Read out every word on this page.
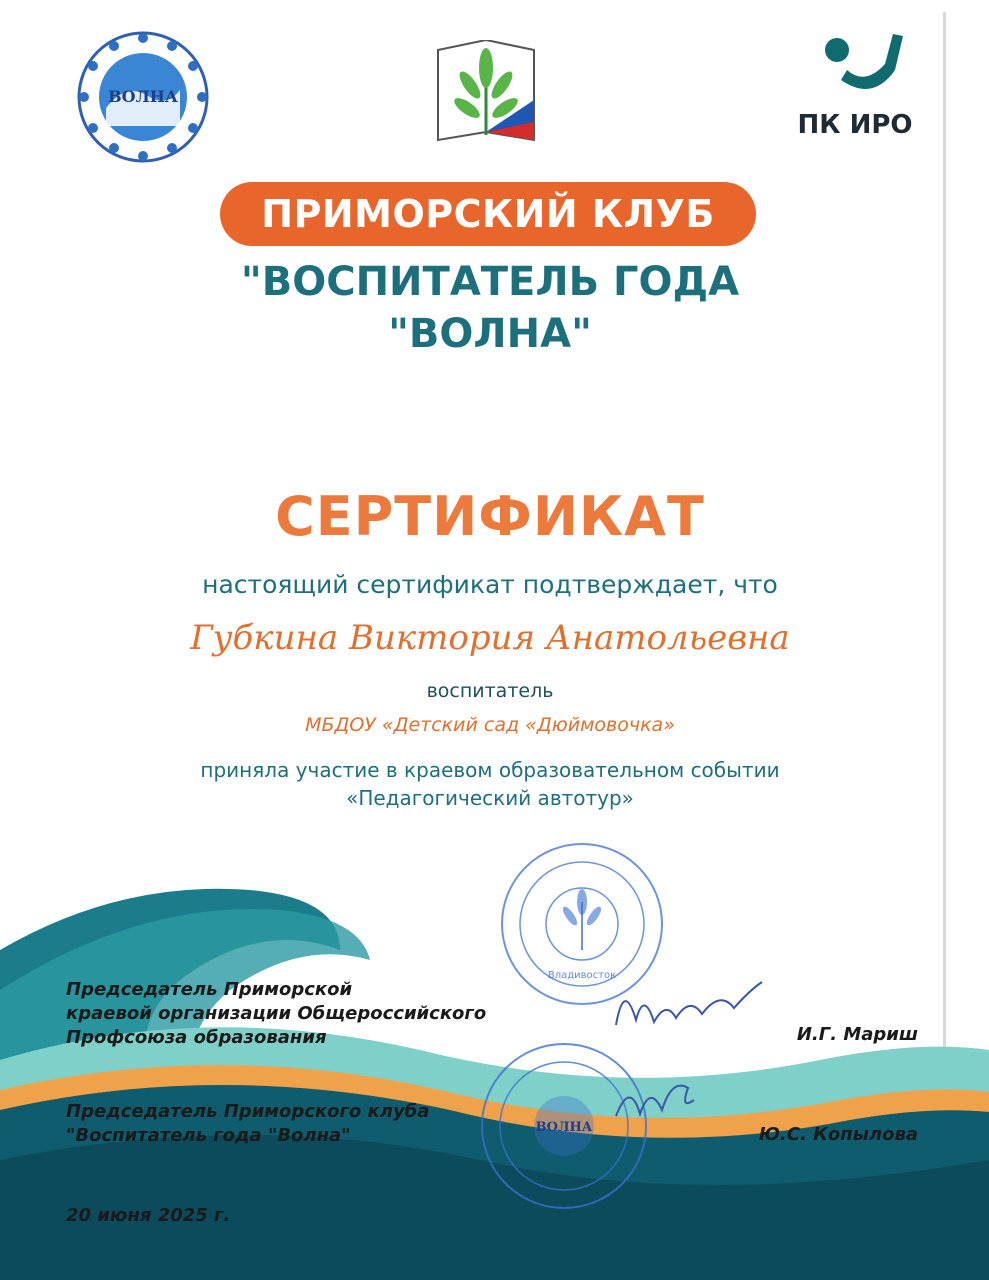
ВОЛНА
ПК ИРО
ПРИМОРСКИЙ КЛУБ
"ВОСПИТАТЕЛЬ ГОДА
"ВОЛНА"
СЕРТИФИКАТ
настоящий сертификат подтверждает, что
Губкина Виктория Анатольевна
воспитатель
МБДОУ «Детский сад «Дюймовочка»
приняла участие в краевом образовательном событии
«Педагогический автотур»
Владивосток
ВОЛНА
Председатель Приморской
краевой организации Общероссийского
Профсоюза образования	И.Г. Мариш
Председатель Приморского клуба
"Воспитатель года "Волна"	Ю.С. Копылова
20 июня 2025 г.
